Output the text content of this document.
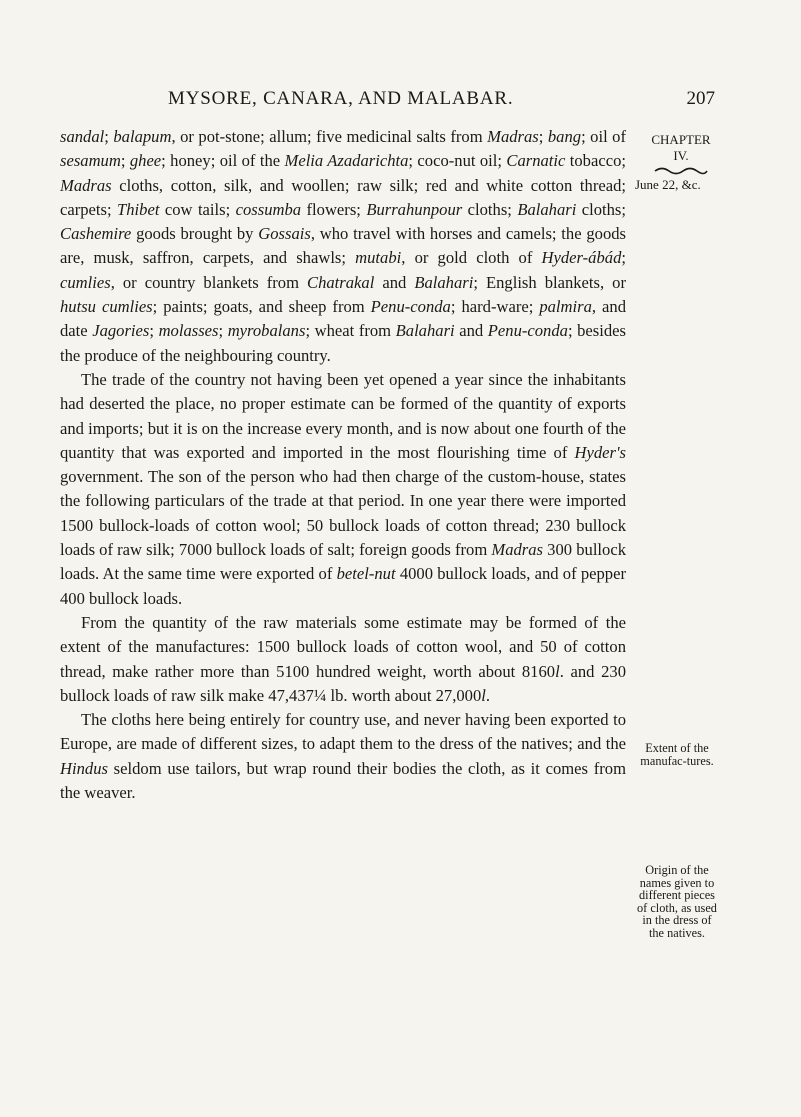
MYSORE, CANARA, AND MALABAR.	207

sandal; balapum, or pot-stone; allum; five medicinal salts from Madras; bang; oil of sesamum; ghee; honey; oil of the Melia Azadarichta; coco-nut oil; Carnatic tobacco; Madras cloths, cotton, silk, and woollen; raw silk; red and white cotton thread; carpets; Thibet cow tails; cossumba flowers; Burrahunpour cloths; Balahari cloths; Cashemire goods brought by Gossais, who travel with horses and camels; the goods are, musk, saffron, carpets, and shawls; mutabi, or gold cloth of Hyder-ábád; cumlies, or country blankets from Chatrakal and Balahari; English blankets, or hutsu cumlies; paints; goats, and sheep from Penu-conda; hard-ware; palmira, and date Jagories; molasses; myrobalans; wheat from Balahari and Penu-conda; besides the produce of the neighbouring country.

The trade of the country not having been yet opened a year since the inhabitants had deserted the place, no proper estimate can be formed of the quantity of exports and imports; but it is on the increase every month, and is now about one fourth of the quantity that was exported and imported in the most flourishing time of Hyder's government. The son of the person who had then charge of the custom-house, states the following particulars of the trade at that period. In one year there were imported 1500 bullock-loads of cotton wool; 50 bullock loads of cotton thread; 230 bullock loads of raw silk; 7000 bullock loads of salt; foreign goods from Madras 300 bullock loads. At the same time were exported of betel-nut 4000 bullock loads, and of pepper 400 bullock loads.

From the quantity of the raw materials some estimate may be formed of the extent of the manufactures: 1500 bullock loads of cotton wool, and 50 of cotton thread, make rather more than 5100 hundred weight, worth about 8160l. and 230 bullock loads of raw silk make 47,437¼ lb. worth about 27,000l.

The cloths here being entirely for country use, and never having been exported to Europe, are made of different sizes, to adapt them to the dress of the natives; and the Hindus seldom use tailors, but wrap round their bodies the cloth, as it comes from the weaver.

CHAPTER
IV.
June 22, &c.
Extent of the manufac-tures.
Origin of the names given to different pieces of cloth, as used in the dress of the natives.
